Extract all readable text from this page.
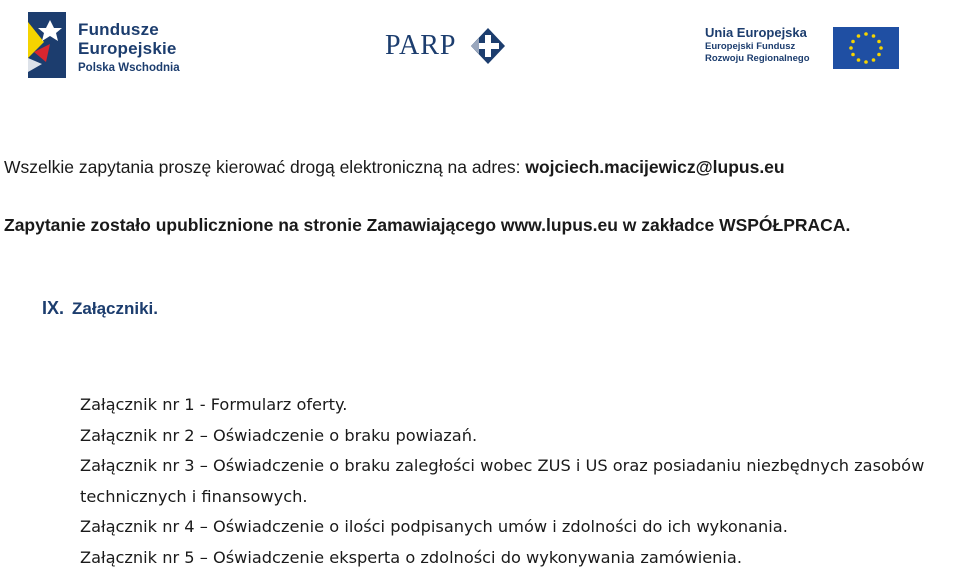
Fundusze
Europejskie
Polska Wschodnia
PARP	Unia Europejska
Europejski Fundusz
Rozwoju Regionalnego

Wszelkie zapytania proszę kierować drogą elektroniczną na adres: wojciech.macijewicz@lupus.eu

Zapytanie zostało upublicznione na stronie Zamawiającego www.lupus.eu w zakładce WSPÓŁPRACA.

IX. Załączniki.
Załącznik nr 1 - Formularz oferty.
Załącznik nr 2 – Oświadczenie o braku powiazań.
Załącznik nr 3 – Oświadczenie o braku zaległości wobec ZUS i US oraz posiadaniu niezbędnych zasobów technicznych i finansowych.
Załącznik nr 4 – Oświadczenie o ilości podpisanych umów i zdolności do ich wykonania.
Załącznik nr 5 – Oświadczenie eksperta o zdolności do wykonywania zamówienia.
